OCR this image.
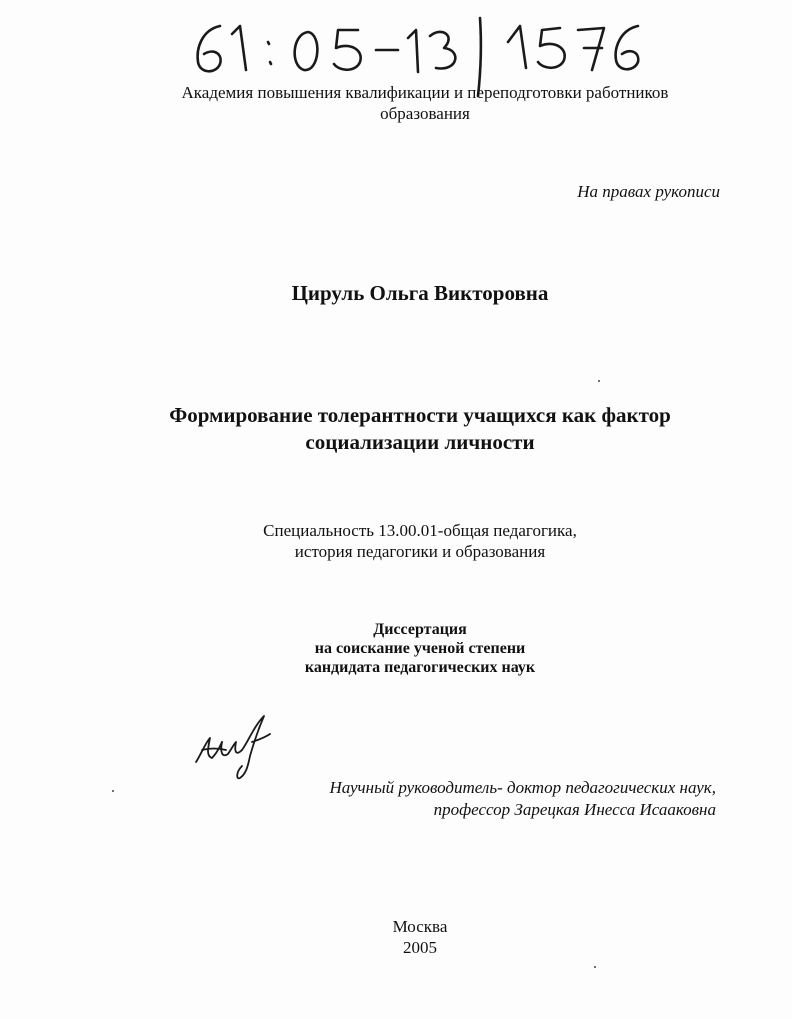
Академия повышения квалификации и переподготовки работников
образования
На правах рукописи
Цируль Ольга Викторовна
Формирование толерантности учащихся как фактор
социализации личности
Специальность 13.00.01-общая педагогика,
история педагогики и образования
Диссертация
на соискание ученой степени
кандидата педагогических наук
Научный руководитель- доктор педагогических наук,
профессор Зарецкая Инесса Исааковна
Москва
2005
